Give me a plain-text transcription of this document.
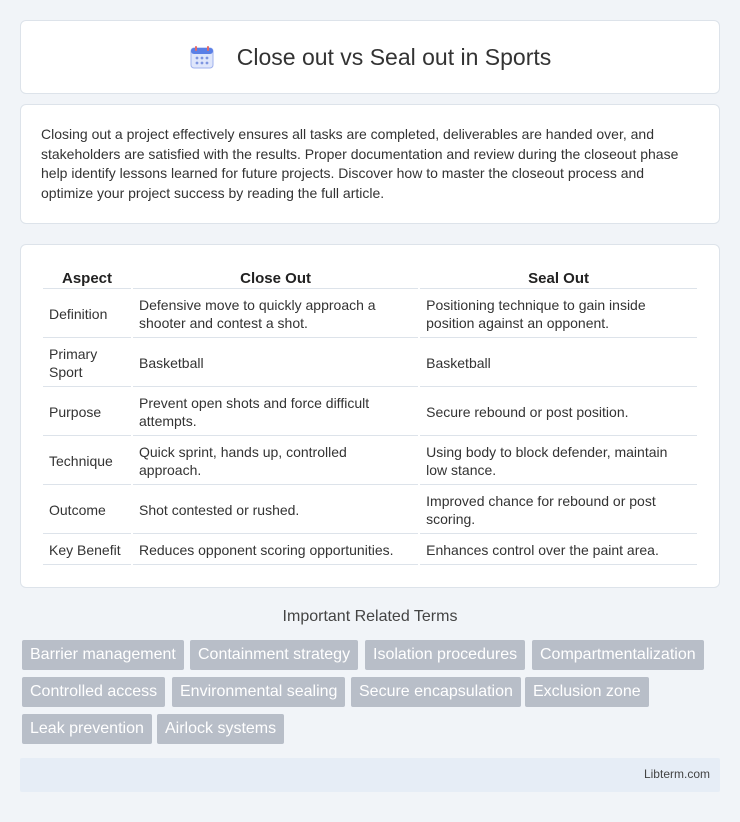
Close out vs Seal out in Sports

Closing out a project effectively ensures all tasks are completed, deliverables are handed over, and stakeholders are satisfied with the results. Proper documentation and review during the closeout phase help identify lessons learned for future projects. Discover how to master the closeout process and optimize your project success by reading the full article.

Aspect	Close Out	Seal Out
Definition	Defensive move to quickly approach a shooter and contest a shot.	Positioning technique to gain inside position against an opponent.
Primary Sport	Basketball	Basketball
Purpose	Prevent open shots and force difficult attempts.	Secure rebound or post position.
Technique	Quick sprint, hands up, controlled approach.	Using body to block defender, maintain low stance.
Outcome	Shot contested or rushed.	Improved chance for rebound or post scoring.
Key Benefit	Reduces opponent scoring opportunities.	Enhances control over the paint area.
Important Related Terms
Barrier management	Containment strategy	Isolation procedures	Compartmentalization
Controlled access	Environmental sealing	Secure encapsulation	Exclusion zone
Leak prevention	Airlock systems
Libterm.com
